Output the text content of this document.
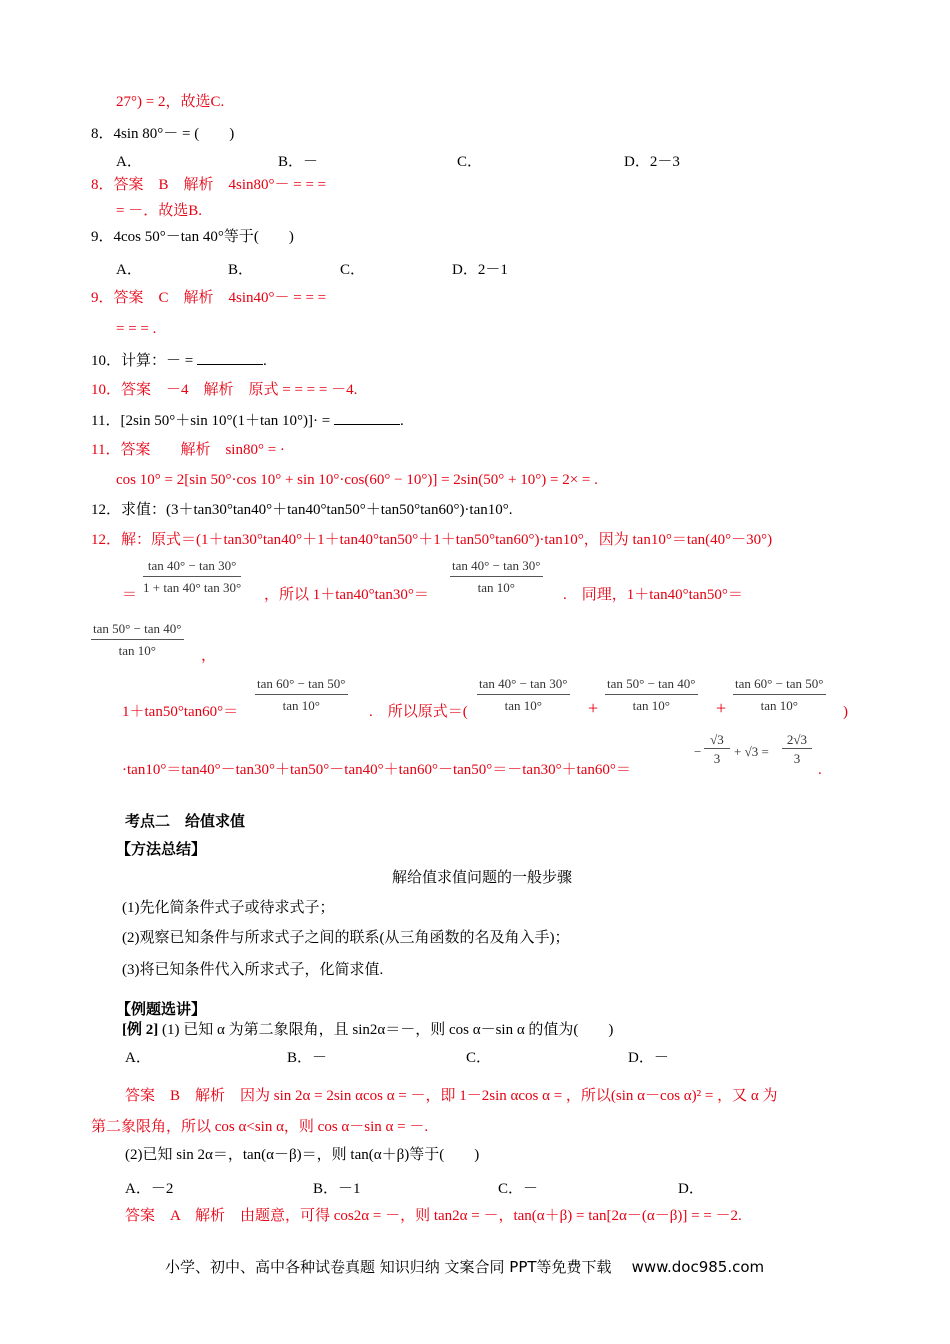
27°) = 2，故选C.
8．4sin 80°－ = (　　)
A．	B．－	C．	D．2－3
8．答案　B　解析　4sin80°－ = = =
= －．故选B.
9．4cos 50°－tan 40°等于(　　)
A．	B．	C．	D．2－1
9．答案　C　解析　4sin40°－ = = =
= = = .
10．计算：－ =	.
10．答案　－4　解析　原式 = = = = －4.
11．[2sin 50°＋sin 10°(1＋tan 10°)]· =	.
11．答案　　解析　sin80° = ·
cos 10° = 2[sin 50°·cos 10° + sin 10°·cos(60° − 10°)] = 2sin(50° + 10°) = 2× = .
12．求值：(3＋tan30°tan40°＋tan40°tan50°＋tan50°tan60°)·tan10°.
12．解：原式＝(1＋tan30°tan40°＋1＋tan40°tan50°＋1＋tan50°tan60°)·tan10°，因为 tan10°＝tan(40°－30°)
$\frac{\tan 40^\circ - \tan 30^\circ}{1 + \tan 40^\circ \tan 30^\circ}$
＝	，所以 $1+\tan 40^\circ\tan 30^\circ= \frac{\tan 40^\circ - \tan 30^\circ}{\tan 10^\circ}$ .　同理，1＋tan40°tan50°＝
$\frac{\tan 50^\circ - \tan 40^\circ}{\tan 10^\circ}$ ，
$1+\tan 50^\circ\tan 60^\circ= \frac{\tan 60^\circ - \tan 50^\circ}{\tan 10^\circ}$ .　所以原式＝( $\frac{\tan 40^\circ - \tan 30^\circ}{\tan 10^\circ} + \frac{\tan 50^\circ - \tan 40^\circ}{\tan 10^\circ} + \frac{\tan 60^\circ - \tan 50^\circ}{\tan 10^\circ}$ )
·tan10°＝tan40°－tan30°＋tan50°－tan40°＋tan60°－tan50°＝－tan30°＋tan60°＝
− $\frac{√3}{3} + √3 = \frac{2√3}{3}$
.
考点二　给值求值
【方法总结】
解给值求值问题的一般步骤
(1)先化简条件式子或待求式子；
(2)观察已知条件与所求式子之间的联系(从三角函数的名及角入手)；
(3)将已知条件代入所求式子，化简求值.
【例题选讲】
[例 2] (1) 已知 α 为第二象限角，且 sin2α＝－，则 cos α－sin α 的值为(　　)
A．	B．－	C．	D．－
答案　B　解析　因为 sin 2α = 2sin αcos α = －，即 1－2sin αcos α = ，所以(sin α－cos α)² = ，又 α 为
第二象限角，所以 cos α<sin α，则 cos α－sin α = －.
(2)已知 sin 2α＝，tan(α－β)＝，则 tan(α＋β)等于(　　)
A．－2	B．－1	C．－	D．
答案　A　解析　由题意，可得 cos2α = －，则 tan2α = －，tan(α＋β) = tan[2α－(α－β)] = = －2.
小学、初中、高中各种试卷真题 知识归纳 文案合同 PPT等免费下载 www.doc985.com
